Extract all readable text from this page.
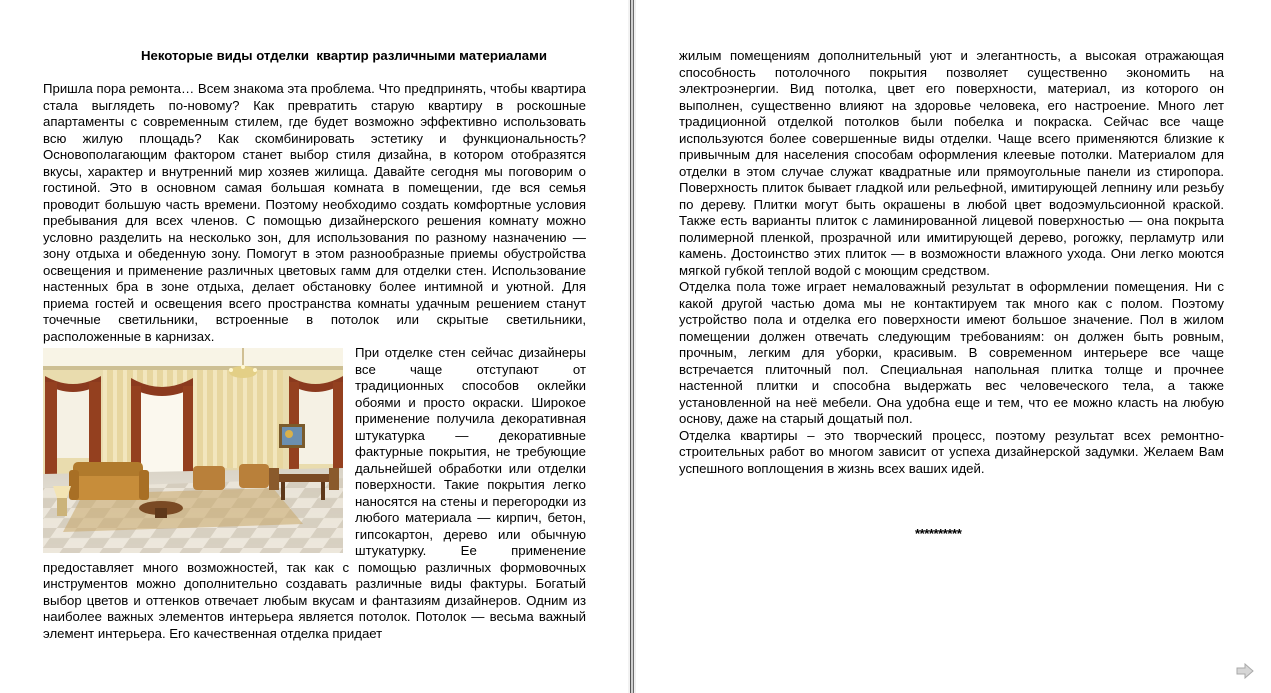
Некоторые виды отделки  квартир различными материалами

Пришла пора ремонта… Всем знакома эта проблема. Что предпринять, чтобы квартира стала выглядеть по-новому? Как превратить старую квартиру в роскошные апартаменты с современным стилем, где будет возможно эффективно использовать всю жилую площадь? Как скомбинировать эстетику и функциональность? Основополагающим фактором станет выбор стиля дизайна, в котором отобразятся вкусы, характер и внутренний мир хозяев жилища. Давайте сегодня мы поговорим о гостиной. Это в основном самая большая комната в помещении, где вся семья проводит большую часть времени. Поэтому необходимо создать комфортные условия пребывания для всех членов. С помощью дизайнерского решения комнату можно условно разделить на несколько зон, для использования по разному назначению — зону отдыха и обеденную зону. Помогут в этом разнообразные приемы обустройства освещения и применение различных цветовых гамм для отделки стен. Использование настенных бра в зоне отдыха, делает обстановку более интимной и уютной. Для приема гостей и освещения всего пространства комнаты удачным решением станут точечные светильники, встроенные в потолок или скрытые светильники, расположенные в карнизах.

При отделке стен сейчас дизайнеры все чаще отступают от традиционных способов оклейки обоями и просто окраски. Широкое применение получила декоративная штукатурка — декоративные фактурные покрытия, не требующие дальнейшей обработки или отделки поверхности. Такие покрытия легко наносятся на стены и перегородки из любого материала — кирпич, бетон, гипсокартон, дерево или обычную штукатурку. Ее применение предоставляет много возможностей, так как с помощью различных формовочных инструментов можно дополнительно создавать различные виды фактуры. Богатый выбор цветов и оттенков отвечает любым вкусам и фантазиям дизайнеров. Одним из наиболее важных элементов интерьера является потолок. Потолок — весьма важный элемент интерьера. Его качественная отделка придает

жилым помещениям дополнительный уют и элегантность, а высокая отражающая способность потолочного покрытия позволяет существенно экономить на электроэнергии. Вид потолка, цвет его поверхности, материал, из которого он выполнен, существенно влияют на здоровье человека, его настроение. Много лет традиционной отделкой потолков были побелка и покраска. Сейчас все чаще используются более совершенные виды отделки. Чаще всего применяются близкие к привычным для населения способам оформления клеевые потолки. Материалом для отделки в этом случае служат квадратные или прямоугольные панели из стиропора. Поверхность плиток бывает гладкой или рельефной, имитирующей лепнину или резьбу по дереву. Плитки могут быть окрашены в любой цвет водоэмульсионной краской. Также есть варианты плиток с ламинированной лицевой поверхностью — она покрыта полимерной пленкой, прозрачной или имитирующей дерево, рогожку, перламутр или камень. Достоинство этих плиток — в возможности влажного ухода. Они легко моются мягкой губкой теплой водой с моющим средством.

Отделка пола тоже играет немаловажный результат в оформлении помещения. Ни с какой другой частью дома мы не контактируем так много как с полом. Поэтому устройство пола и отделка его поверхности имеют большое значение. Пол в жилом помещении должен отвечать следующим требованиям: он должен быть ровным, прочным, легким для уборки, красивым. В современном интерьере все чаще встречается плиточный пол. Специальная напольная плитка толще и прочнее настенной плитки и способна выдержать вес человеческого тела, а также установленной на неё мебели. Она удобна еще и тем, что ее можно класть на любую основу, даже на старый дощатый пол.

Отделка квартиры – это творческий процесс, поэтому результат всех ремонтно-строительных работ во многом зависит от успеха дизайнерской задумки. Желаем Вам успешного воплощения в жизнь всех ваших идей.

**********
